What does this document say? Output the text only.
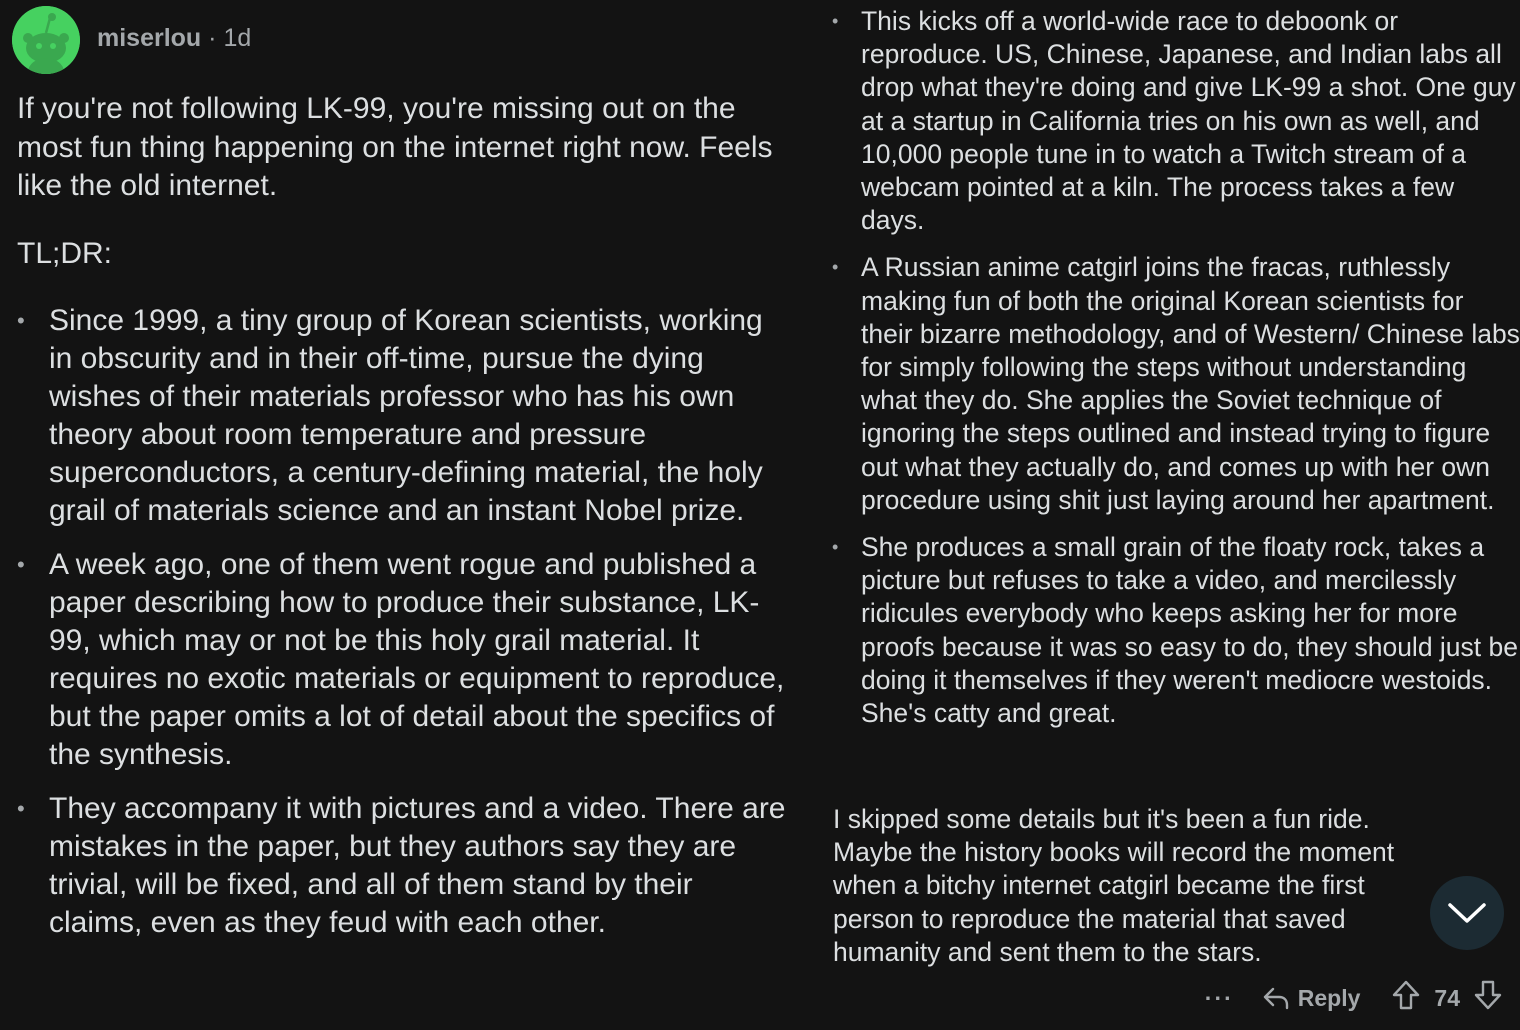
miserlou · 1d

If you're not following LK-99, you're missing out on the most fun thing happening on the internet right now. Feels like the old internet.

TL;DR:

• Since 1999, a tiny group of Korean scientists, working in obscurity and in their off-time, pursue the dying wishes of their materials professor who has his own theory about room temperature and pressure superconductors, a century-defining material, the holy grail of materials science and an instant Nobel prize.
• A week ago, one of them went rogue and published a paper describing how to produce their substance, LK-99, which may or not be this holy grail material. It requires no exotic materials or equipment to reproduce, but the paper omits a lot of detail about the specifics of the synthesis.
• They accompany it with pictures and a video. There are mistakes in the paper, but they authors say they are trivial, will be fixed, and all of them stand by their claims, even as they feud with each other.
• This kicks off a world-wide race to deboonk or reproduce. US, Chinese, Japanese, and Indian labs all drop what they're doing and give LK-99 a shot. One guy at a startup in California tries on his own as well, and 10,000 people tune in to watch a Twitch stream of a webcam pointed at a kiln. The process takes a few days.
• A Russian anime catgirl joins the fracas, ruthlessly making fun of both the original Korean scientists for their bizarre methodology, and of Western/ Chinese labs for simply following the steps without understanding what they do. She applies the Soviet technique of ignoring the steps outlined and instead trying to figure out what they actually do, and comes up with her own procedure using shit just laying around her apartment.
• She produces a small grain of the floaty rock, takes a picture but refuses to take a video, and mercilessly ridicules everybody who keeps asking her for more proofs because it was so easy to do, they should just be doing it themselves if they weren't mediocre westoids. She's catty and great.

I skipped some details but it's been a fun ride. Maybe the history books will record the moment when a bitchy internet catgirl became the first person to reproduce the material that saved humanity and sent them to the stars.

···	Reply	74
